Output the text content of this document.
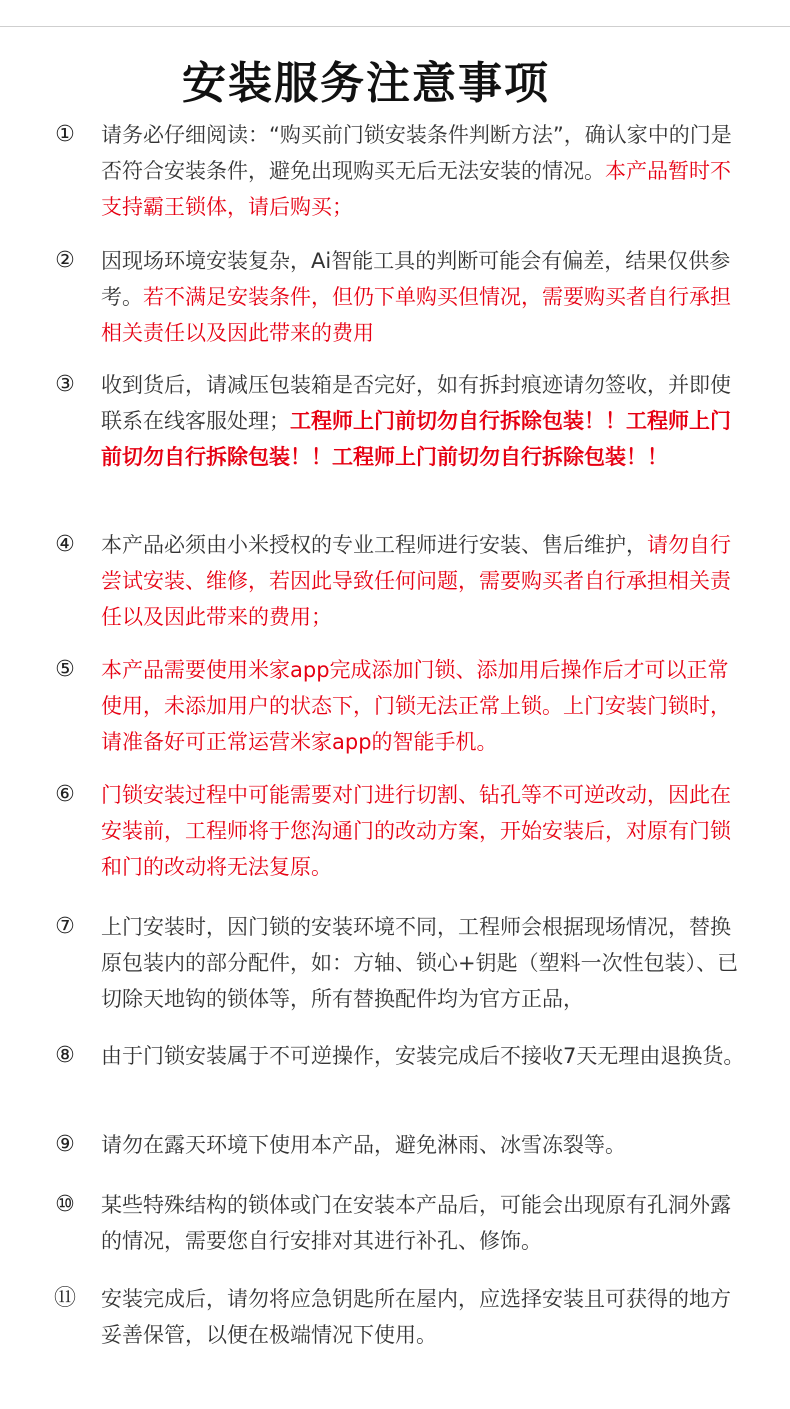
安装服务注意事项
① 请务必仔细阅读：“购买前门锁安装条件判断方法”，确认家中的门是否符合安装条件，避免出现购买无后无法安装的情况。本产品暂时不支持霸王锁体，请后购买；
② 因现场环境安装复杂，Ai智能工具的判断可能会有偏差，结果仅供参考。若不满足安装条件，但仍下单购买但情况，需要购买者自行承担相关责任以及因此带来的费用
③ 收到货后，请减压包装箱是否完好，如有拆封痕迹请勿签收，并即使联系在线客服处理；工程师上门前切勿自行拆除包装！！工程师上门前切勿自行拆除包装！！工程师上门前切勿自行拆除包装！！
④ 本产品必须由小米授权的专业工程师进行安装、售后维护，请勿自行尝试安装、维修，若因此导致任何问题，需要购买者自行承担相关责任以及因此带来的费用；
⑤ 本产品需要使用米家app完成添加门锁、添加用后操作后才可以正常使用，未添加用户的状态下，门锁无法正常上锁。上门安装门锁时，请准备好可正常运营米家app的智能手机。
⑥ 门锁安装过程中可能需要对门进行切割、钻孔等不可逆改动，因此在安装前，工程师将于您沟通门的改动方案，开始安装后，对原有门锁和门的改动将无法复原。
⑦ 上门安装时，因门锁的安装环境不同，工程师会根据现场情况，替换原包装内的部分配件，如：方轴、锁心+钥匙（塑料一次性包装）、已切除天地钩的锁体等，所有替换配件均为官方正品，
⑧ 由于门锁安装属于不可逆操作，安装完成后不接收7天无理由退换货。
⑨ 请勿在露天环境下使用本产品，避免淋雨、冰雪冻裂等。
⑩ 某些特殊结构的锁体或门在安装本产品后，可能会出现原有孔洞外露的情况，需要您自行安排对其进行补孔、修饰。
⑪ 安装完成后，请勿将应急钥匙所在屋内，应选择安装且可获得的地方妥善保管，以便在极端情况下使用。
